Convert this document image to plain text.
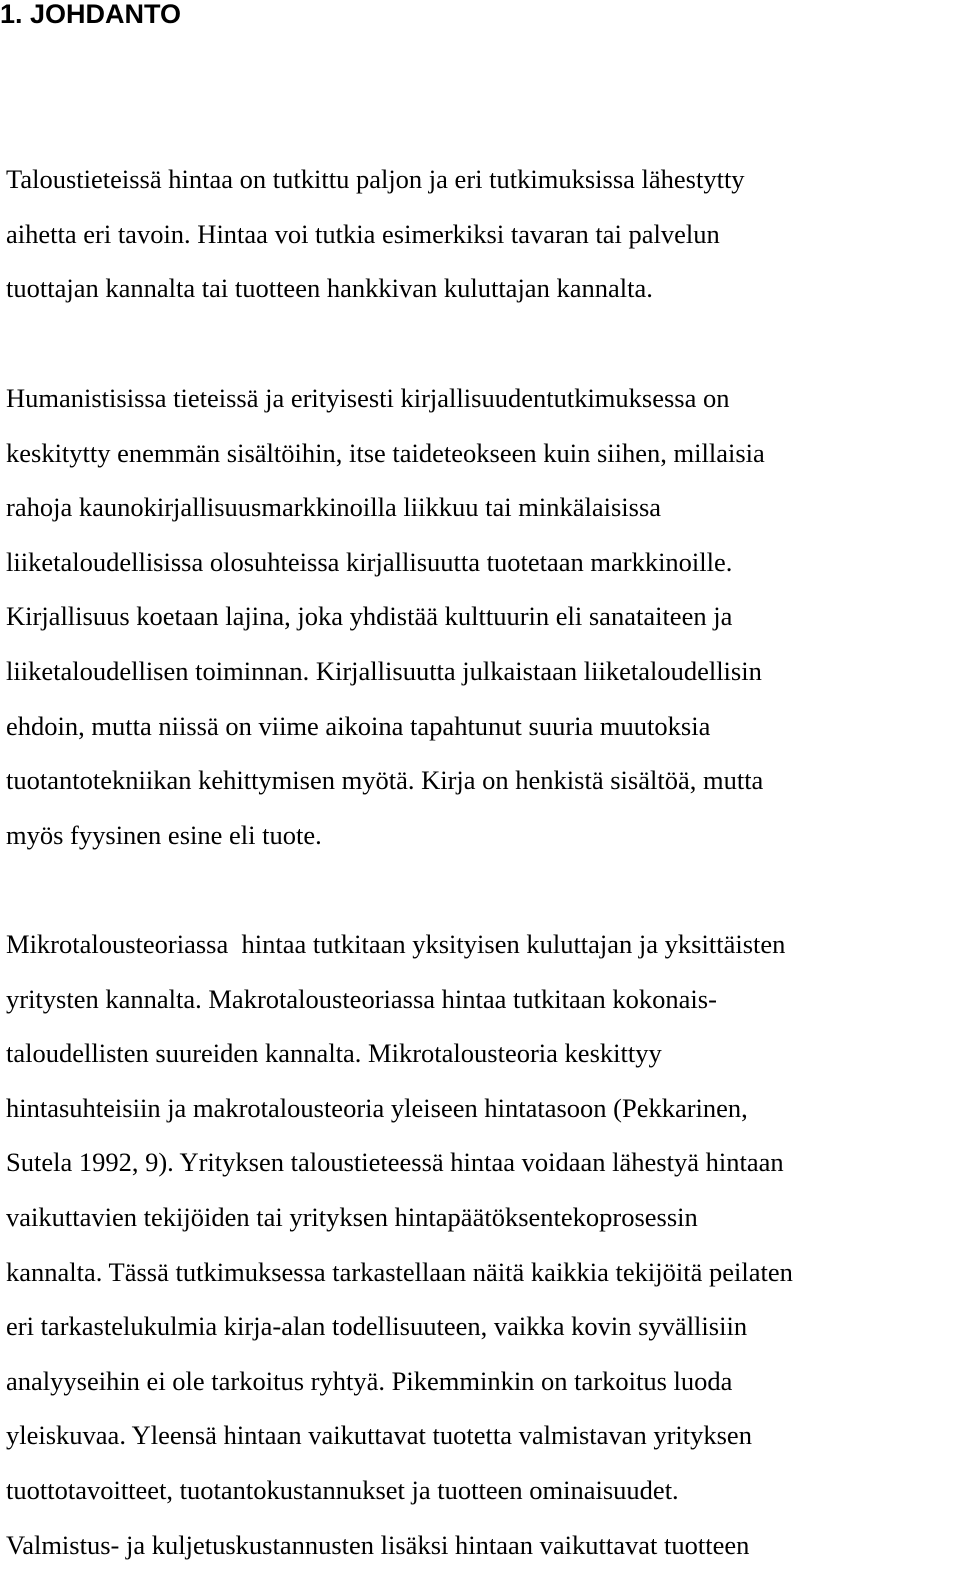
1. JOHDANTO

Taloustieteissä hintaa on tutkittu paljon ja eri tutkimuksissa lähestytty
aihetta eri tavoin. Hintaa voi tutkia esimerkiksi tavaran tai palvelun
tuottajan kannalta tai tuotteen hankkivan kuluttajan kannalta.

Humanistisissa tieteissä ja erityisesti kirjallisuudentutkimuksessa on
keskitytty enemmän sisältöihin, itse taideteokseen kuin siihen, millaisia
rahoja kaunokirjallisuusmarkkinoilla liikkuu tai minkälaisissa
liiketaloudellisissa olosuhteissa kirjallisuutta tuotetaan markkinoille.
Kirjallisuus koetaan lajina, joka yhdistää kulttuurin eli sanataiteen ja
liiketaloudellisen toiminnan. Kirjallisuutta julkaistaan liiketaloudellisin
ehdoin, mutta niissä on viime aikoina tapahtunut suuria muutoksia
tuotantotekniikan kehittymisen myötä. Kirja on henkistä sisältöä, mutta
myös fyysinen esine eli tuote.

Mikrotalousteoriassa  hintaa tutkitaan yksityisen kuluttajan ja yksittäisten
yritysten kannalta. Makrotalousteoriassa hintaa tutkitaan kokonais-
taloudellisten suureiden kannalta. Mikrotalousteoria keskittyy
hintasuhteisiin ja makrotalousteoria yleiseen hintatasoon (Pekkarinen,
Sutela 1992, 9). Yrityksen taloustieteessä hintaa voidaan lähestyä hintaan
vaikuttavien tekijöiden tai yrityksen hintapäätöksentekoprosessin
kannalta. Tässä tutkimuksessa tarkastellaan näitä kaikkia tekijöitä peilaten
eri tarkastelukulmia kirja-alan todellisuuteen, vaikka kovin syvällisiin
analyyseihin ei ole tarkoitus ryhtyä. Pikemminkin on tarkoitus luoda
yleiskuvaa. Yleensä hintaan vaikuttavat tuotetta valmistavan yrityksen
tuottotavoitteet, tuotantokustannukset ja tuotteen ominaisuudet.
Valmistus- ja kuljetuskustannusten lisäksi hintaan vaikuttavat tuotteen
